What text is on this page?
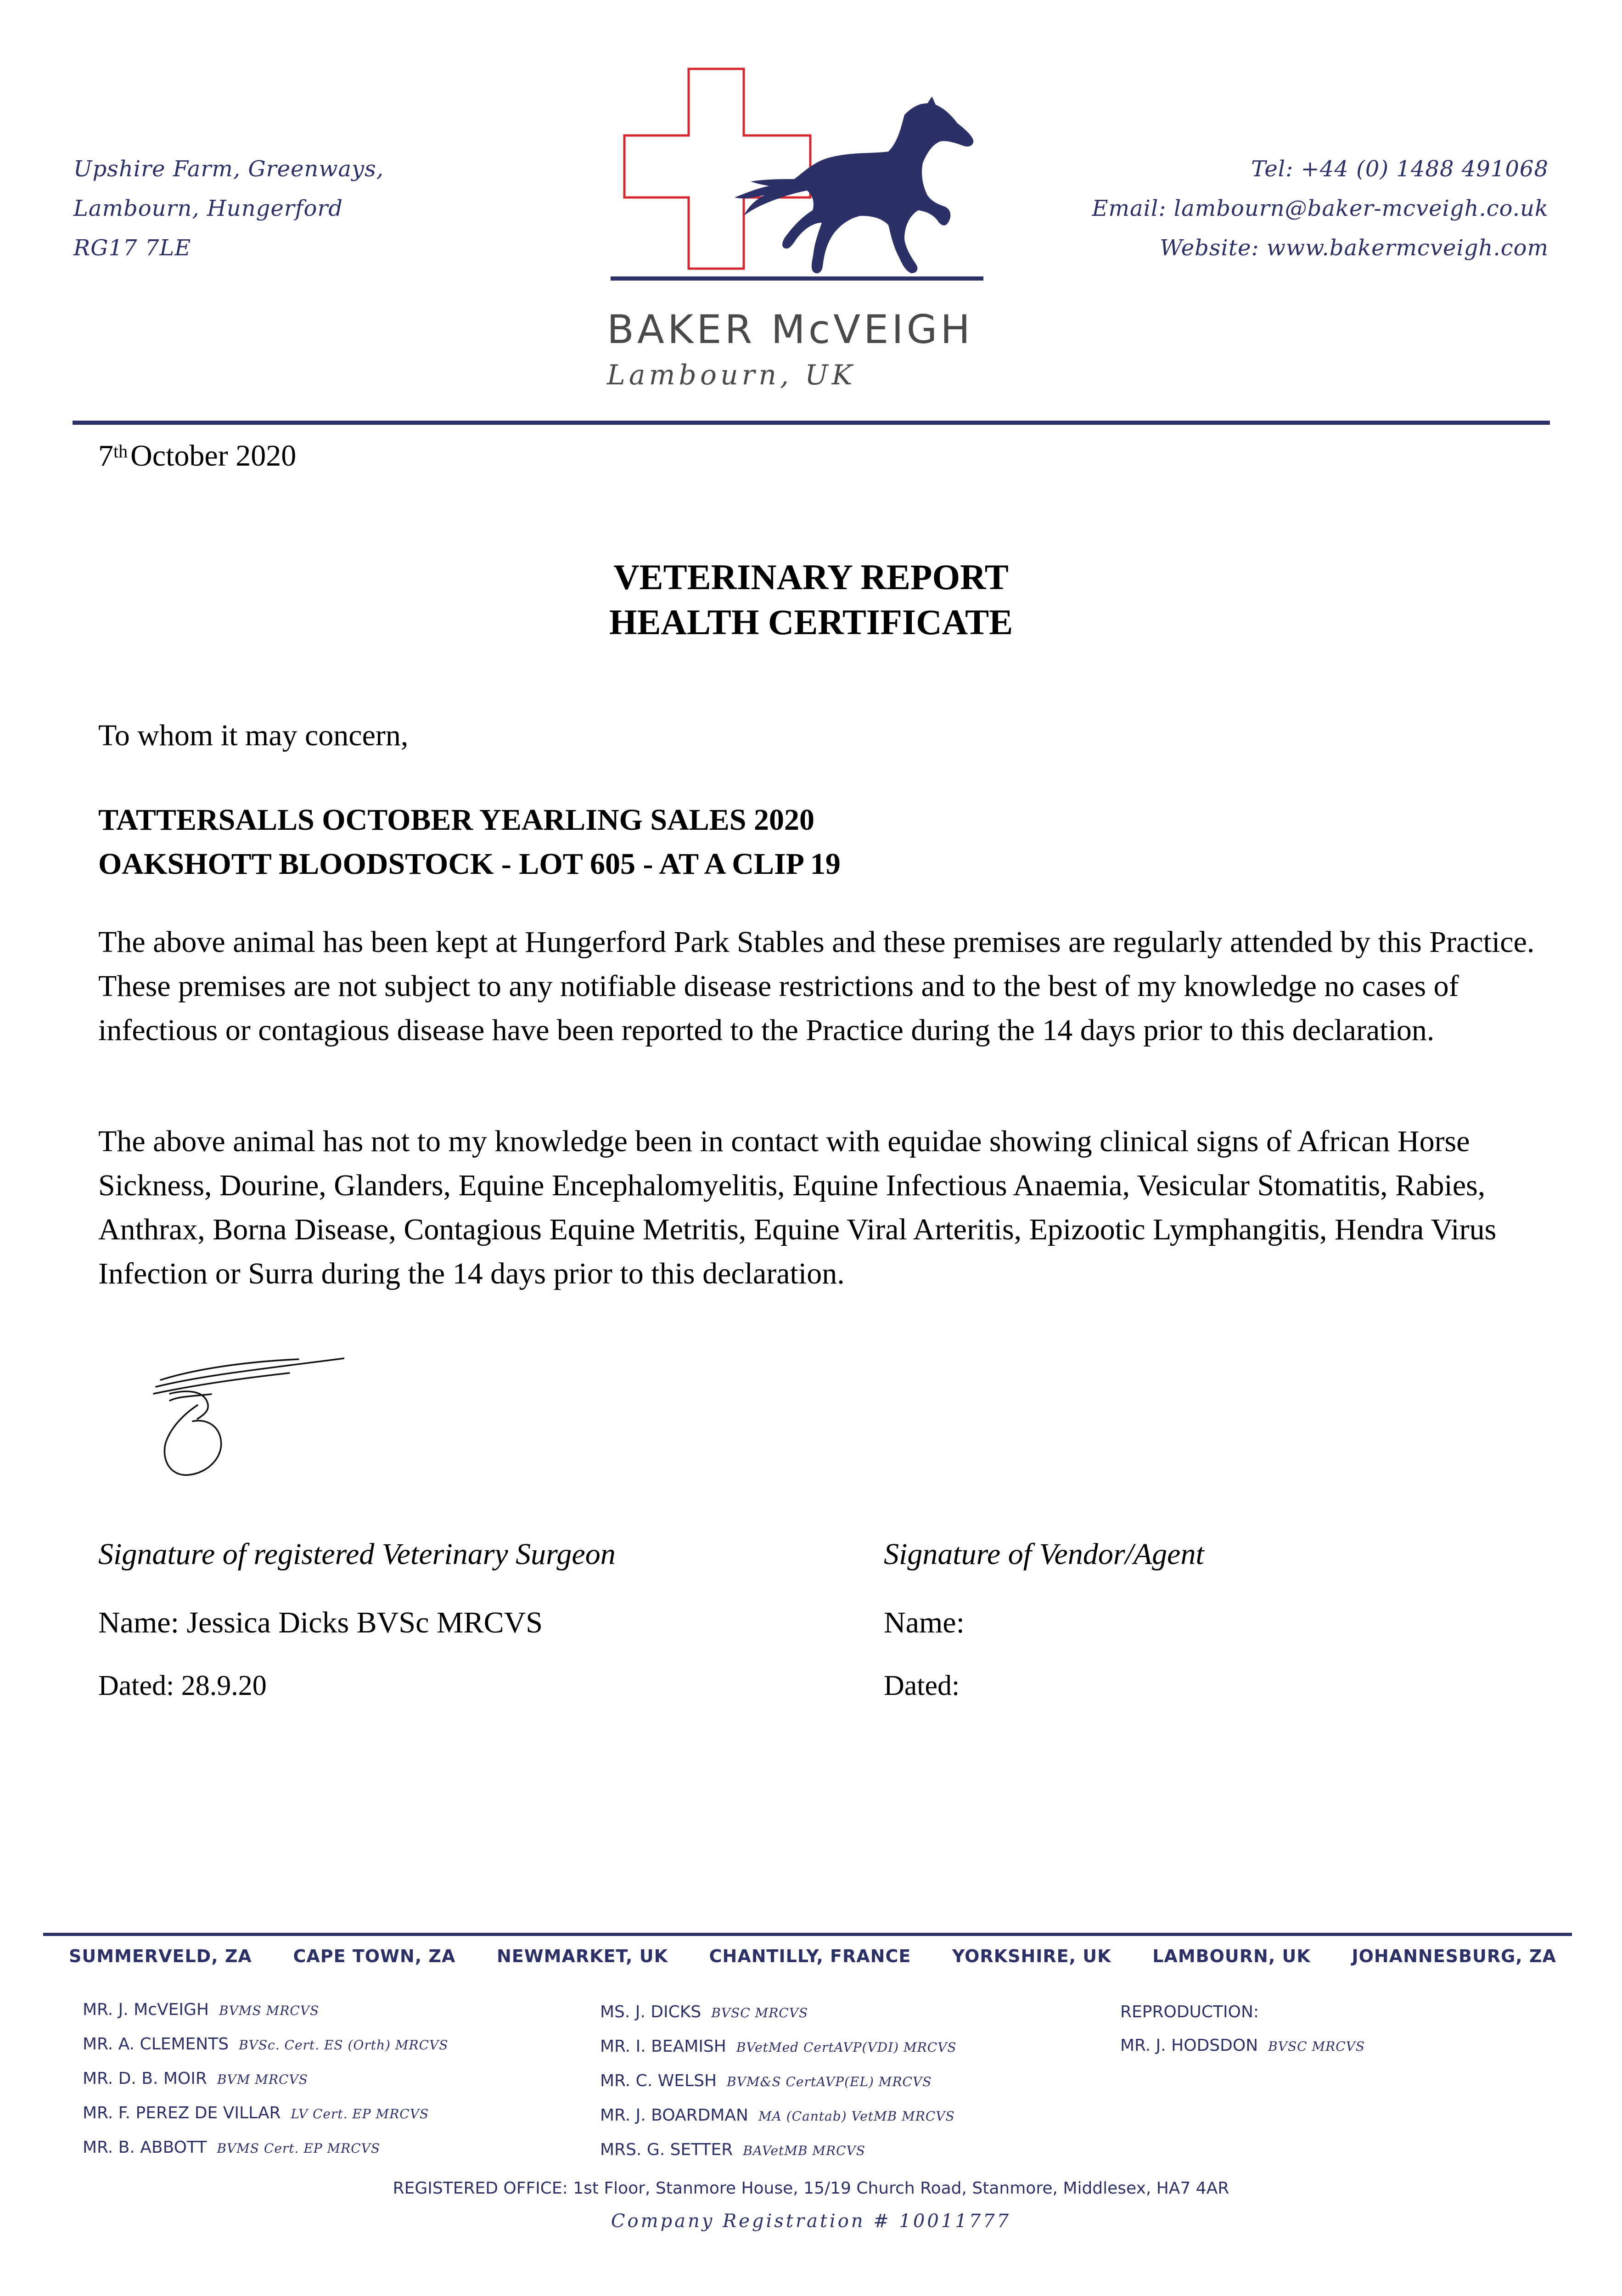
Upshire Farm, Greenways,
Lambourn, Hungerford
RG17 7LE
Tel: +44 (0) 1488 491068
Email: lambourn@baker-mcveigh.co.uk
Website: www.bakermcveigh.com
BAKER McVEIGH
Lambourn, UK
7thOctober 2020
VETERINARY REPORT
HEALTH CERTIFICATE
To whom it may concern,
TATTERSALLS OCTOBER YEARLING SALES 2020
OAKSHOTT BLOODSTOCK - LOT 605 - AT A CLIP 19
The above animal has been kept at Hungerford Park Stables and these premises are regularly attended by this Practice. These premises are not subject to any notifiable disease restrictions and to the best of my knowledge no cases of infectious or contagious disease have been reported to the Practice during the 14 days prior to this declaration.
The above animal has not to my knowledge been in contact with equidae showing clinical signs of African Horse Sickness, Dourine, Glanders, Equine Encephalomyelitis, Equine Infectious Anaemia, Vesicular Stomatitis, Rabies, Anthrax, Borna Disease, Contagious Equine Metritis, Equine Viral Arteritis, Epizootic Lymphangitis, Hendra Virus Infection or Surra during the 14 days prior to this declaration.
Signature of registered Veterinary Surgeon	Signature of Vendor/Agent
Name: Jessica Dicks BVSc MRCVS	Name:
Dated: 28.9.20	Dated:
SUMMERVELD, ZA CAPE TOWN, ZA NEWMARKET, UK CHANTILLY, FRANCE YORKSHIRE, UK LAMBOURN, UK JOHANNESBURG, ZA
MR. J. McVEIGH BVMS MRCVS
MR. A. CLEMENTS BVSc. Cert. ES (Orth) MRCVS
MR. D. B. MOIR BVM MRCVS
MR. F. PEREZ DE VILLAR LV Cert. EP MRCVS
MR. B. ABBOTT BVMS Cert. EP MRCVS
MS. J. DICKS BVSC MRCVS
MR. I. BEAMISH BVetMed CertAVP(VDI) MRCVS
MR. C. WELSH BVM&S CertAVP(EL) MRCVS
MR. J. BOARDMAN MA (Cantab) VetMB MRCVS
MRS. G. SETTER BAVetMB MRCVS
REPRODUCTION:
MR. J. HODSDON BVSC MRCVS
REGISTERED OFFICE: 1st Floor, Stanmore House, 15/19 Church Road, Stanmore, Middlesex, HA7 4AR
Company Registration # 10011777
